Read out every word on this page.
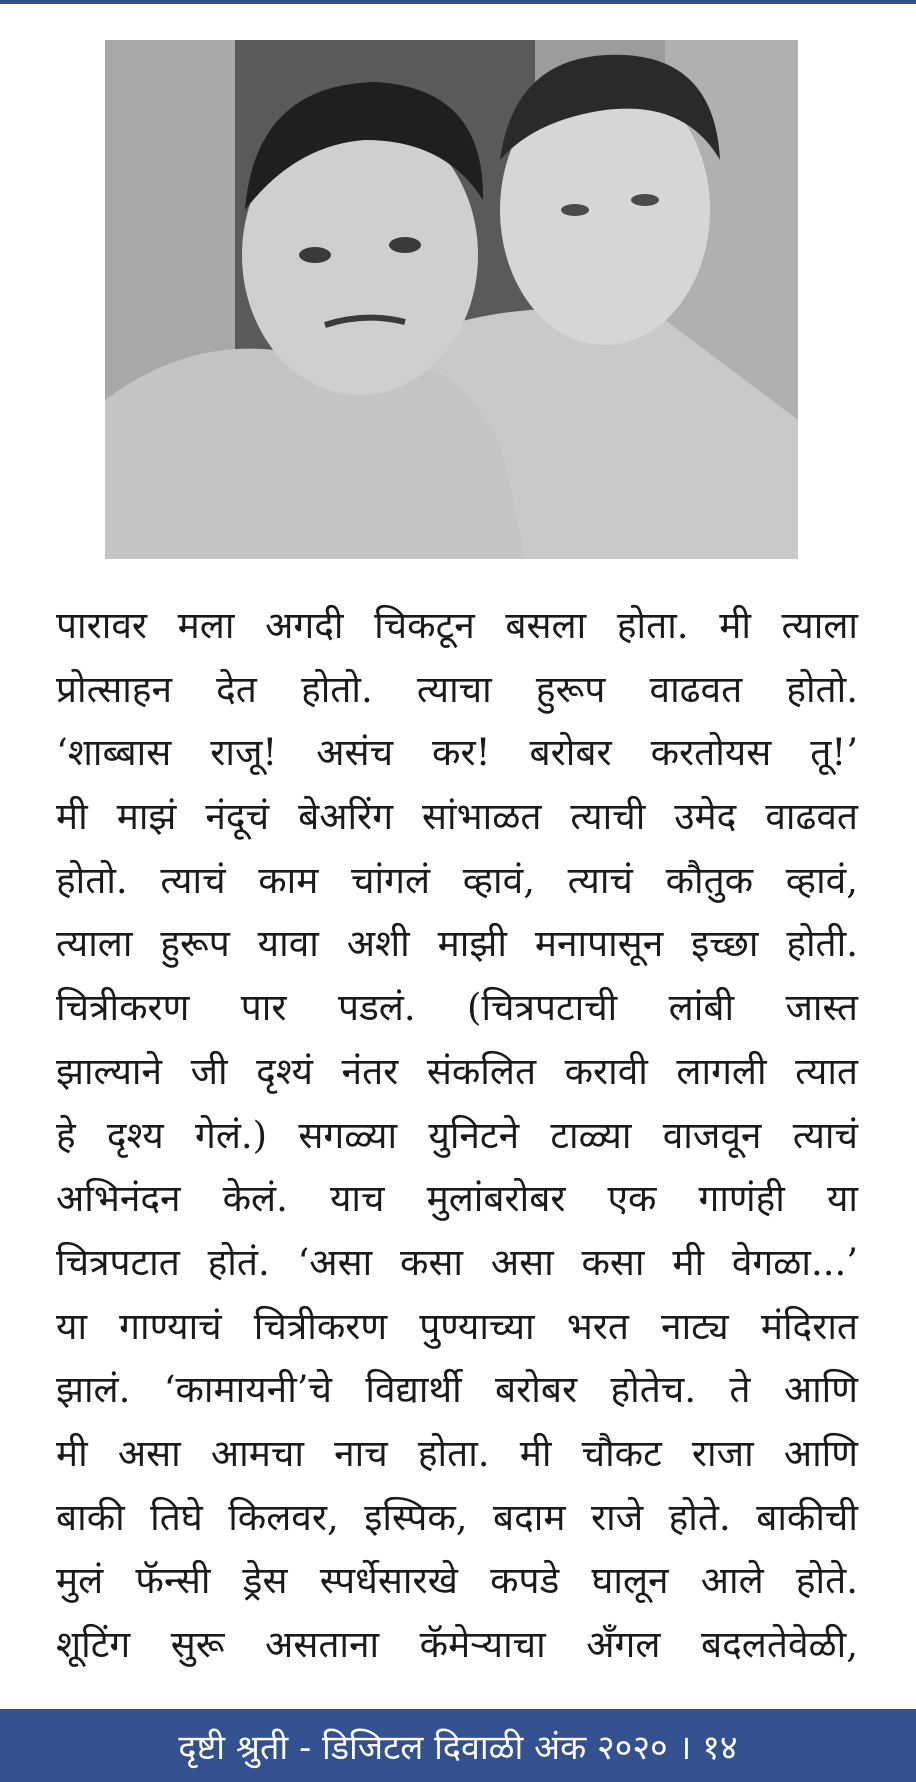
पारावर मला अगदी चिकटून बसला होता. मी त्याला
प्रोत्साहन देत होतो. त्याचा हुरूप वाढवत होतो.
‘शाब्बास राजू! असंच कर! बरोबर करतोयस तू!’
मी माझं नंदूचं बेअरिंग सांभाळत त्याची उमेद वाढवत
होतो. त्याचं काम चांगलं व्हावं, त्याचं कौतुक व्हावं,
त्याला हुरूप यावा अशी माझी मनापासून इच्छा होती.
चित्रीकरण पार पडलं. (चित्रपटाची लांबी जास्त
झाल्याने जी दृश्यं नंतर संकलित करावी लागली त्यात
हे दृश्य गेलं.) सगळ्या युनिटने टाळ्या वाजवून त्याचं
अभिनंदन केलं. याच मुलांबरोबर एक गाणंही या
चित्रपटात होतं. ‘असा कसा असा कसा मी वेगळा...’
या गाण्याचं चित्रीकरण पुण्याच्या भरत नाट्य मंदिरात
झालं. ‘कामायनी’चे विद्यार्थी बरोबर होतेच. ते आणि
मी असा आमचा नाच होता. मी चौकट राजा आणि
बाकी तिघे किलवर, इस्पिक, बदाम राजे होते. बाकीची
मुलं फॅन्सी ड्रेस स्पर्धेसारखे कपडे घालून आले होते.
शूटिंग सुरू असताना कॅमेऱ्याचा अँगल बदलतेवेळी,
दृष्टी श्रुती - डिजिटल दिवाळी अंक २०२० । १४
